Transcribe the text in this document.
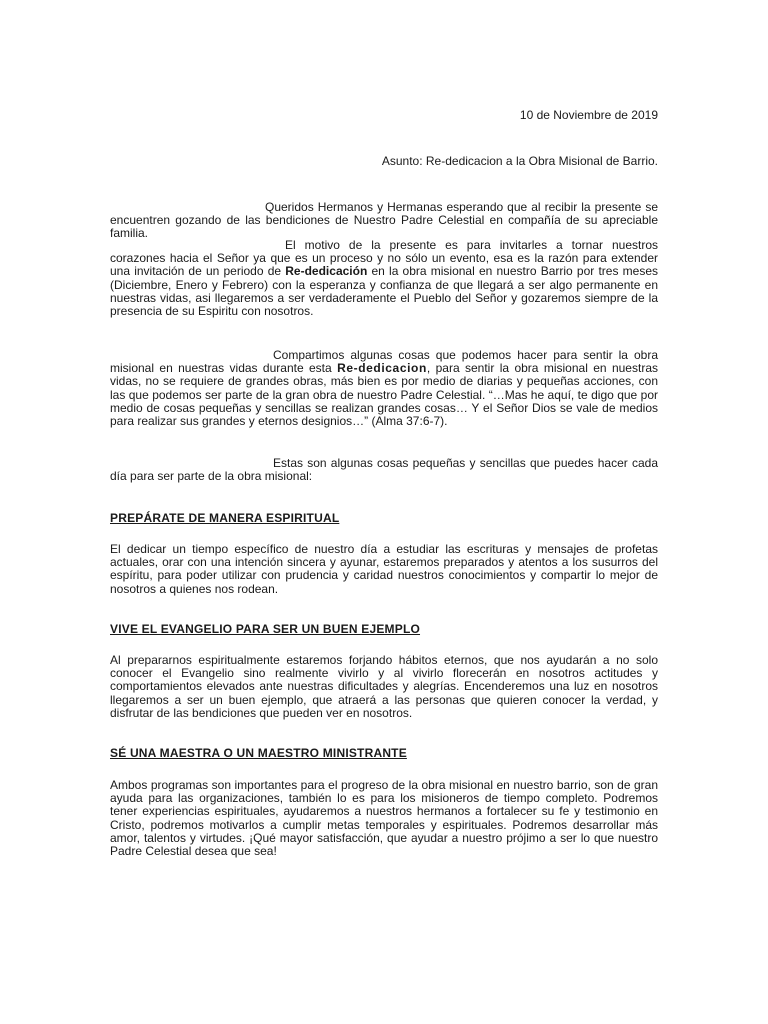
10 de Noviembre de 2019
Asunto: Re-dedicacion a la Obra Misional de Barrio.
Queridos Hermanos y Hermanas esperando que al recibir la presente se encuentren gozando de las bendiciones de Nuestro Padre Celestial en compañía de su apreciable familia.
El motivo de la presente es para invitarles a tornar nuestros corazones hacia el Señor ya que es un proceso y no sólo un evento, esa es la razón para extender una invitación de un periodo de Re-dedicación en la obra misional en nuestro Barrio por tres meses (Diciembre, Enero y Febrero) con la esperanza y confianza de que llegará a ser algo permanente en nuestras vidas, asi llegaremos a ser verdaderamente el Pueblo del Señor y gozaremos siempre de la presencia de su Espiritu con nosotros.
Compartimos algunas cosas que podemos hacer para sentir la obra misional en nuestras vidas durante esta Re-dedicacion, para sentir la obra misional en nuestras vidas, no se requiere de grandes obras, más bien es por medio de diarias y pequeñas acciones, con las que podemos ser parte de la gran obra de nuestro Padre Celestial. “…Mas he aquí, te digo que por medio de cosas pequeñas y sencillas se realizan grandes cosas… Y el Señor Dios se vale de medios para realizar sus grandes y eternos designios…” (Alma 37:6-7).
Estas son algunas cosas pequeñas y sencillas que puedes hacer cada día para ser parte de la obra misional:
PREPÁRATE DE MANERA ESPIRITUAL
El dedicar un tiempo específico de nuestro día a estudiar las escrituras y mensajes de profetas actuales, orar con una intención sincera y ayunar, estaremos preparados y atentos a los susurros del espíritu, para poder utilizar con prudencia y caridad nuestros conocimientos y compartir lo mejor de nosotros a quienes nos rodean.
VIVE EL EVANGELIO PARA SER UN BUEN EJEMPLO
Al prepararnos espiritualmente estaremos forjando hábitos eternos, que nos ayudarán a no solo conocer el Evangelio sino realmente vivirlo y al vivirlo florecerán en nosotros actitudes y comportamientos elevados ante nuestras dificultades y alegrías. Encenderemos una luz en nosotros llegaremos a ser un buen ejemplo, que atraerá a las personas que quieren conocer la verdad, y disfrutar de las bendiciones que pueden ver en nosotros.
SÉ UNA MAESTRA O UN MAESTRO MINISTRANTE
Ambos programas son importantes para el progreso de la obra misional en nuestro barrio, son de gran ayuda para las organizaciones, también lo es para los misioneros de tiempo completo. Podremos tener experiencias espirituales, ayudaremos a nuestros hermanos a fortalecer su fe y testimonio en Cristo, podremos motivarlos a cumplir metas temporales y espirituales. Podremos desarrollar más amor, talentos y virtudes. ¡Qué mayor satisfacción, que ayudar a nuestro prójimo a ser lo que nuestro Padre Celestial desea que sea!
